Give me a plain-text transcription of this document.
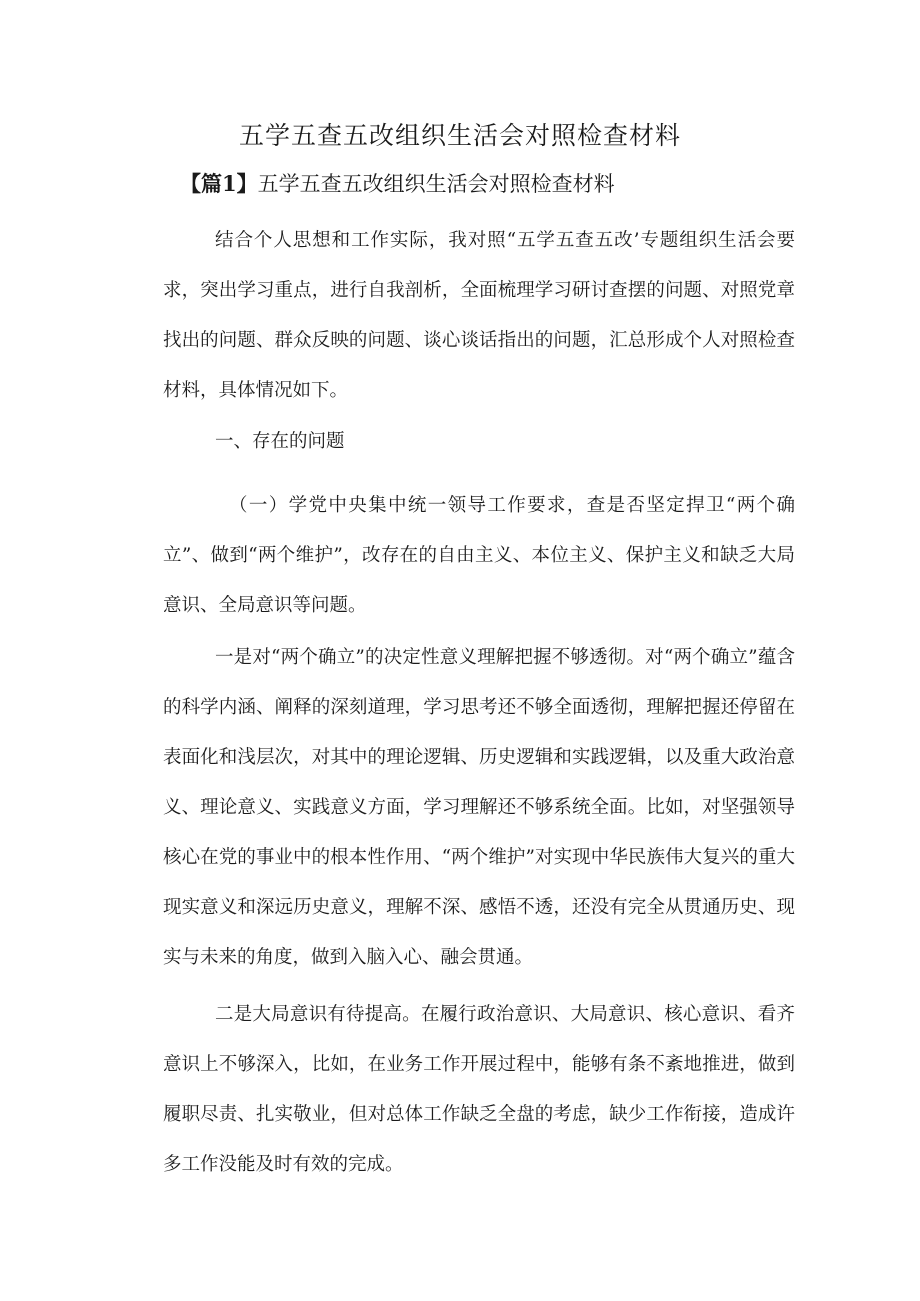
五学五查五改组织生活会对照检查材料
【篇1】五学五查五改组织生活会对照检查材料

结合个人思想和工作实际，我对照“五学五查五改’专题组织生活会要求，突出学习重点，进行自我剖析，全面梳理学习研讨查摆的问题、对照党章找出的问题、群众反映的问题、谈心谈话指出的问题，汇总形成个人对照检查材料，具体情况如下。

一、存在的问题

（一）学党中央集中统一领导工作要求，查是否坚定捍卫“两个确立”、做到“两个维护”，改存在的自由主义、本位主义、保护主义和缺乏大局意识、全局意识等问题。

一是对“两个确立”的决定性意义理解把握不够透彻。对“两个确立”蕴含的科学内涵、阐释的深刻道理，学习思考还不够全面透彻，理解把握还停留在表面化和浅层次，对其中的理论逻辑、历史逻辑和实践逻辑，以及重大政治意义、理论意义、实践意义方面，学习理解还不够系统全面。比如，对坚强领导核心在党的事业中的根本性作用、“两个维护”对实现中华民族伟大复兴的重大现实意义和深远历史意义，理解不深、感悟不透，还没有完全从贯通历史、现实与未来的角度，做到入脑入心、融会贯通。

二是大局意识有待提高。在履行政治意识、大局意识、核心意识、看齐意识上不够深入，比如，在业务工作开展过程中，能够有条不紊地推进，做到履职尽责、扎实敬业，但对总体工作缺乏全盘的考虑，缺少工作衔接，造成许多工作没能及时有效的完成。
